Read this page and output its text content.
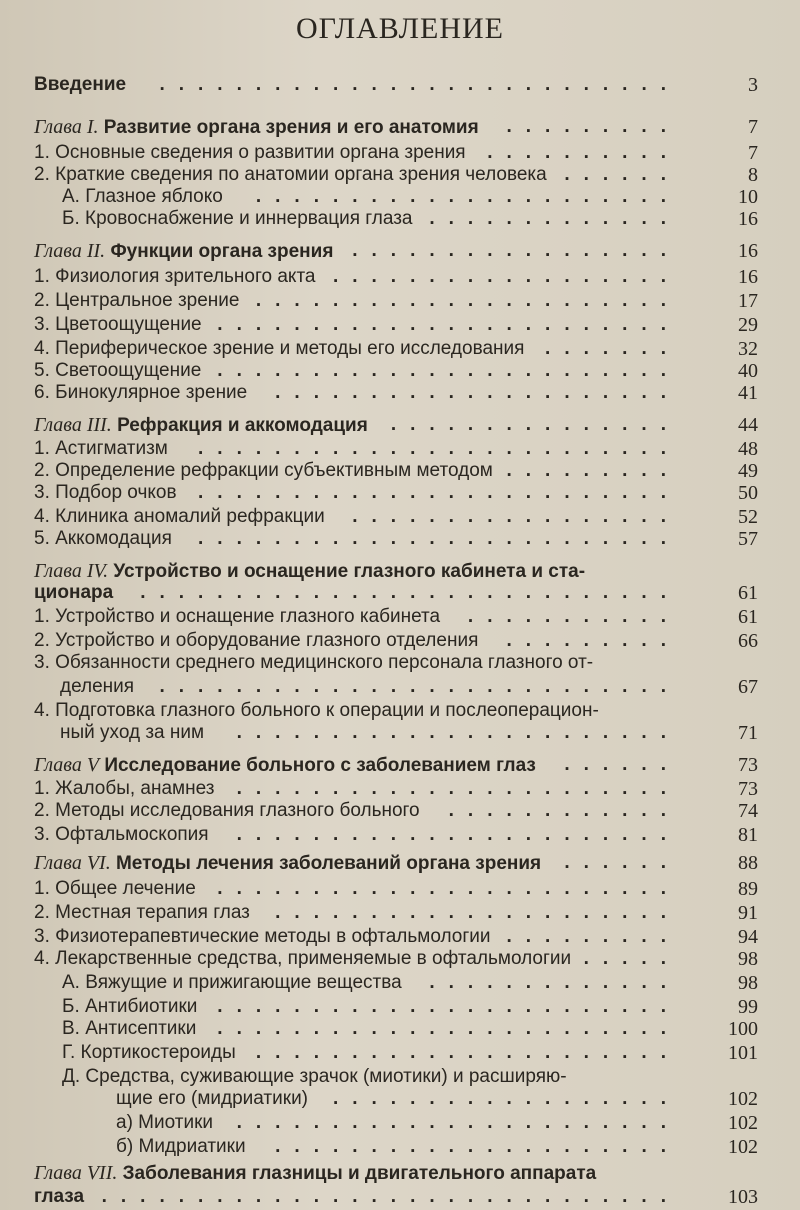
ОГЛАВЛЕНИЕ
Введение ...........................	3
Глава I. Развитие органа зрения и его анатомия .........	7
1. Основные сведения о развитии органа зрения ..........	7
2. Краткие сведения по анатомии органа зрения человека ......	8
А. Глазное яблоко ......................	10
Б. Кровоснабжение и иннервация глаза .............	16
Глава II. Функции органа зрения .................	16
1. Физиология зрительного акта ..................	16
2. Центральное зрение ......................	17
3. Цветоощущение ........................	29
4. Периферическое зрение и методы его исследования .......	32
5. Светоощущение ........................	40
6. Бинокулярное зрение .....................	41
Глава III. Рефракция и аккомодация ...............	44
1. Астигматизм .........................	48
2. Определение рефракции субъективным методом .........	49
3. Подбор очков .........................	50
4. Клиника аномалий рефракции .................	52
5. Аккомодация .........................	57
Глава IV. Устройство и оснащение глазного кабинета и ста-
ционара ............................	61
1. Устройство и оснащение глазного кабинета ...........	61
2. Устройство и оборудование глазного отделения .........	66
3. Обязанности среднего медицинского персонала глазного от-
деления ...........................	67
4. Подготовка глазного больного к операции и послеоперацион-
ный уход за ним .......................	71
Глава V Исследование больного с заболеванием глаз ......	73
1. Жалобы, анамнез .......................	73
2. Методы исследования глазного больного ............	74
3. Офтальмоскопия .......................	81
Глава VI. Методы лечения заболеваний органа зрения ......	88
1. Общее лечение ........................	89
2. Местная терапия глаз .....................	91
3. Физиотерапевтические методы в офтальмологии .........	94
4. Лекарственные средства, применяемые в офтальмологии .....	98
А. Вяжущие и прижигающие вещества .............	98
Б. Антибиотики ........................	99
В. Антисептики ........................	100
Г. Кортикостероиды ......................	101
Д. Средства, суживающие зрачок (миотики) и расширяю-
щие его (мидриатики) ..................	102
а) Миотики .......................	102
б) Мидриатики .....................	102
Глава VII. Заболевания глазницы и двигательного аппарата
глаза ..............................	103
